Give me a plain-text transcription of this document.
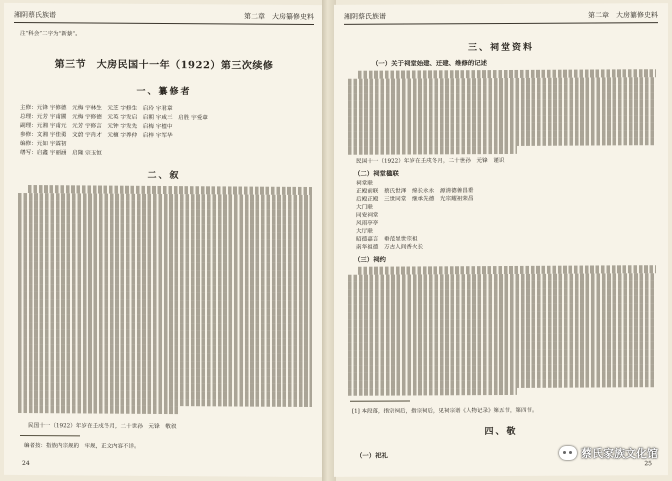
湘阴蔡氏族谱	第二章　大房纂修史料
注“科会”二字为“新蔡”。
第三节　大房民国十一年（1922）第三次续修
一、纂修者
主修：元锋 宇修德　元梅 宇林生　元芝 宇修生　启玲 宇君章
总理：元芳 宇甫圃　元梅 宇修德　元英 宇发启　启朝 宇咸三　启胜 宇爱章
副理：元湘 宇甫元　元芳 宇修言　元钟 宇发先　启梅 宇植中
参修：文湘 宇佳勇　文蔚 宇肖才　元檀 宇养仲　启梓 宇军华
编修：元如 宇霖初
缮写：启鑫 宇丽涵　启隆 宗玉恒
二、叙
民国十一（1922）年岁在壬戌冬月，二十世孙　元锋　敬叙
编者按：指族内宗规的　牢规，正文内容不详。
24
湘阴蔡氏族谱	第二章　大房纂修史料
三、祠堂资料
（一）关于祠堂始建、迁建、维修的记述
民国十一（1922）年岁在壬戌冬月，二十世孙　元锋　谨识
（二）祠堂楹联
祠堂联
正殿前联　蔡氏世泽　绵长永永　源清德善昌垂
后殿正殿　三世同堂　继承先德　光宗耀祖荣昌
大门联
同安祠堂
风雨亭亭
大厅联
昭德嘉言　垂范显世宗祖
南华祖德　万古人间香火长
（三）祠约
[1] 本段落，指宗祠后，指宗祠后，见祠宗谱《人物记录》第五节，第四节。
四、敬
（一）祀礼
25
蔡氏家族文化馆
